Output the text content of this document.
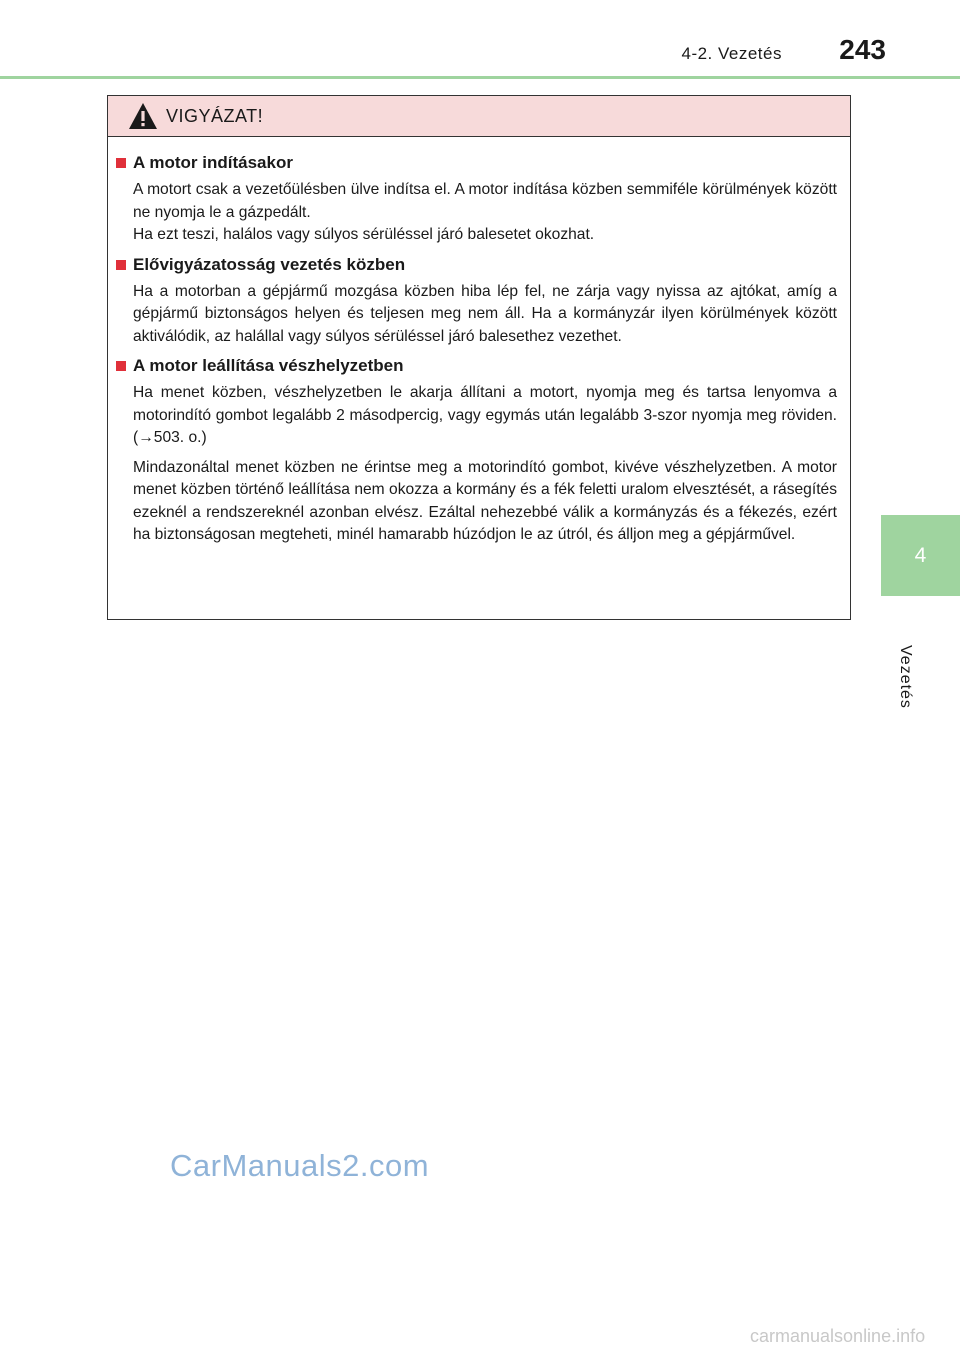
4-2. Vezetés	243
4
Vezetés
VIGYÁZAT!
A motor indításakor

A motort csak a vezetőülésben ülve indítsa el. A motor indítása közben semmiféle körülmények között ne nyomja le a gázpedált.

Ha ezt teszi, halálos vagy súlyos sérüléssel járó balesetet okozhat.

Elővigyázatosság vezetés közben

Ha a motorban a gépjármű mozgása közben hiba lép fel, ne zárja vagy nyissa az ajtókat, amíg a gépjármű biztonságos helyen és teljesen meg nem áll. Ha a kormányzár ilyen körülmények között aktiválódik, az halállal vagy súlyos sérüléssel járó balesethez vezethet.

A motor leállítása vészhelyzetben

Ha menet közben, vészhelyzetben le akarja állítani a motort, nyomja meg és tartsa lenyomva a motorindító gombot legalább 2 másodpercig, vagy egymás után legalább 3-szor nyomja meg röviden. (→503. o.)

Mindazonáltal menet közben ne érintse meg a motorindító gombot, kivéve vészhelyzetben. A motor menet közben történő leállítása nem okozza a kormány és a fék feletti uralom elvesztését, a rásegítés ezeknél a rendszereknél azonban elvész. Ezáltal nehezebbé válik a kormányzás és a fékezés, ezért ha biztonságosan megteheti, minél hamarabb húzódjon le az útról, és álljon meg a gépjárművel.

CarManuals2.com
carmanualsonline.info
